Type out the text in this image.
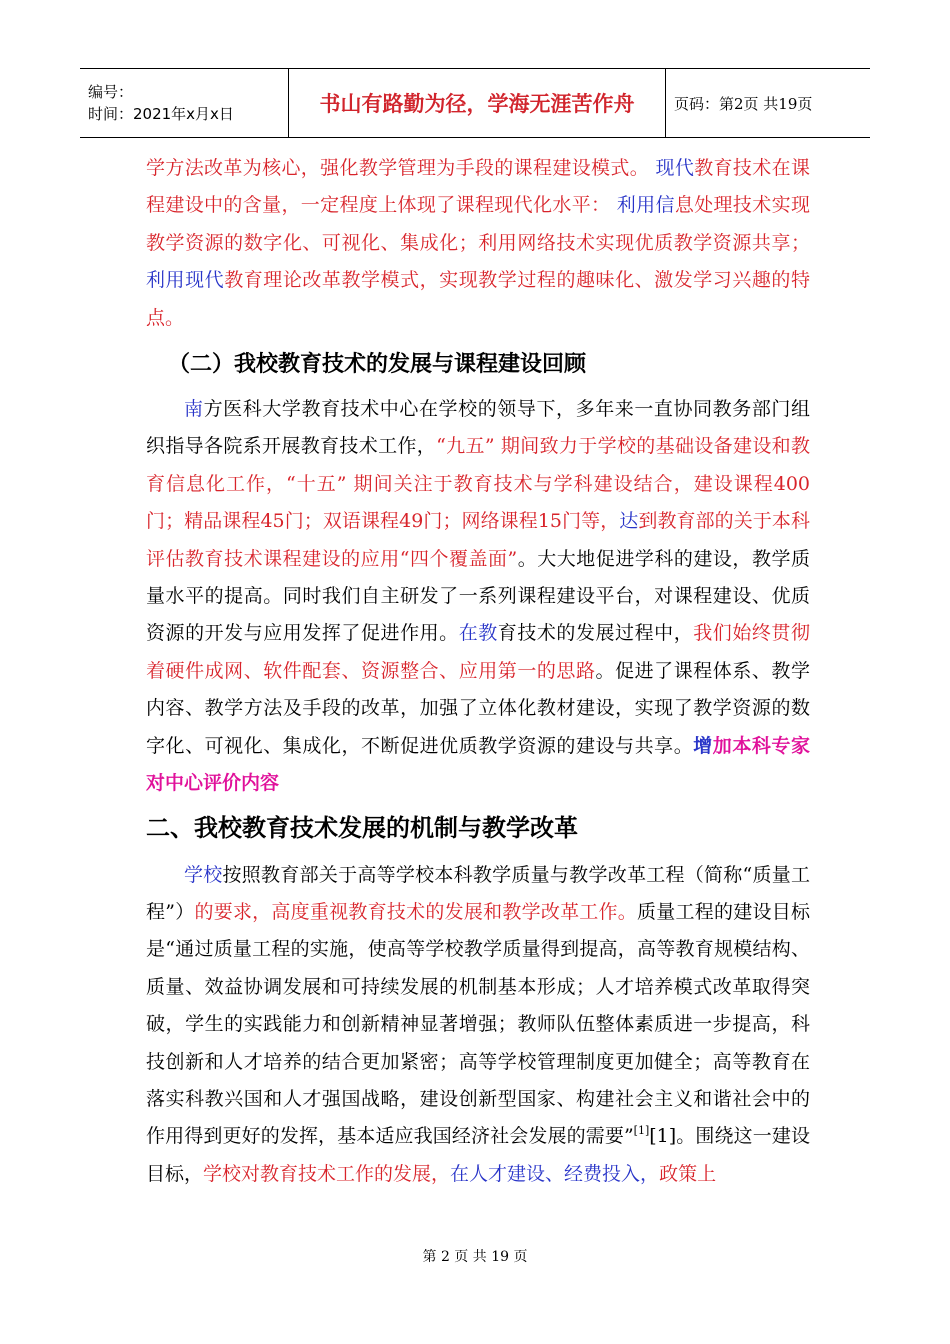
编号：
时间：2021年x月x日	书山有路勤为径，学海无涯苦作舟	页码：第2页 共19页

学方法改革为核心，强化教学管理为手段的课程建设模式。 现代教育技术在课程建设中的含量，一定程度上体现了课程现代化水平： 利用信息处理技术实现教学资源的数字化、可视化、集成化；利用网络技术实现优质教学资源共享；利用现代教育理论改革教学模式，实现教学过程的趣味化、激发学习兴趣的特点。

（二）我校教育技术的发展与课程建设回顾

南方医科大学教育技术中心在学校的领导下，多年来一直协同教务部门组织指导各院系开展教育技术工作，“九五” 期间致力于学校的基础设备建设和教育信息化工作，“十五” 期间关注于教育技术与学科建设结合，建设课程400门；精品课程45门；双语课程49门；网络课程15门等，达到教育部的关于本科评估教育技术课程建设的应用“四个覆盖面”。大大地促进学科的建设，教学质量水平的提高。同时我们自主研发了一系列课程建设平台，对课程建设、优质资源的开发与应用发挥了促进作用。在教育技术的发展过程中，我们始终贯彻着硬件成网、软件配套、资源整合、应用第一的思路。促进了课程体系、教学内容、教学方法及手段的改革，加强了立体化教材建设，实现了教学资源的数字化、可视化、集成化，不断促进优质教学资源的建设与共享。增加本科专家对中心评价内容

二、我校教育技术发展的机制与教学改革

学校按照教育部关于高等学校本科教学质量与教学改革工程（简称“质量工程”）的要求，高度重视教育技术的发展和教学改革工作。质量工程的建设目标是“通过质量工程的实施，使高等学校教学质量得到提高，高等教育规模结构、质量、效益协调发展和可持续发展的机制基本形成；人才培养模式改革取得突破，学生的实践能力和创新精神显著增强；教师队伍整体素质进一步提高，科技创新和人才培养的结合更加紧密；高等学校管理制度更加健全；高等教育在落实科教兴国和人才强国战略，建设创新型国家、构建社会主义和谐社会中的作用得到更好的发挥，基本适应我国经济社会发展的需要”[1][1]。围绕这一建设目标，学校对教育技术工作的发展，在人才建设、经费投入，政策上

第 2 页 共 19 页
